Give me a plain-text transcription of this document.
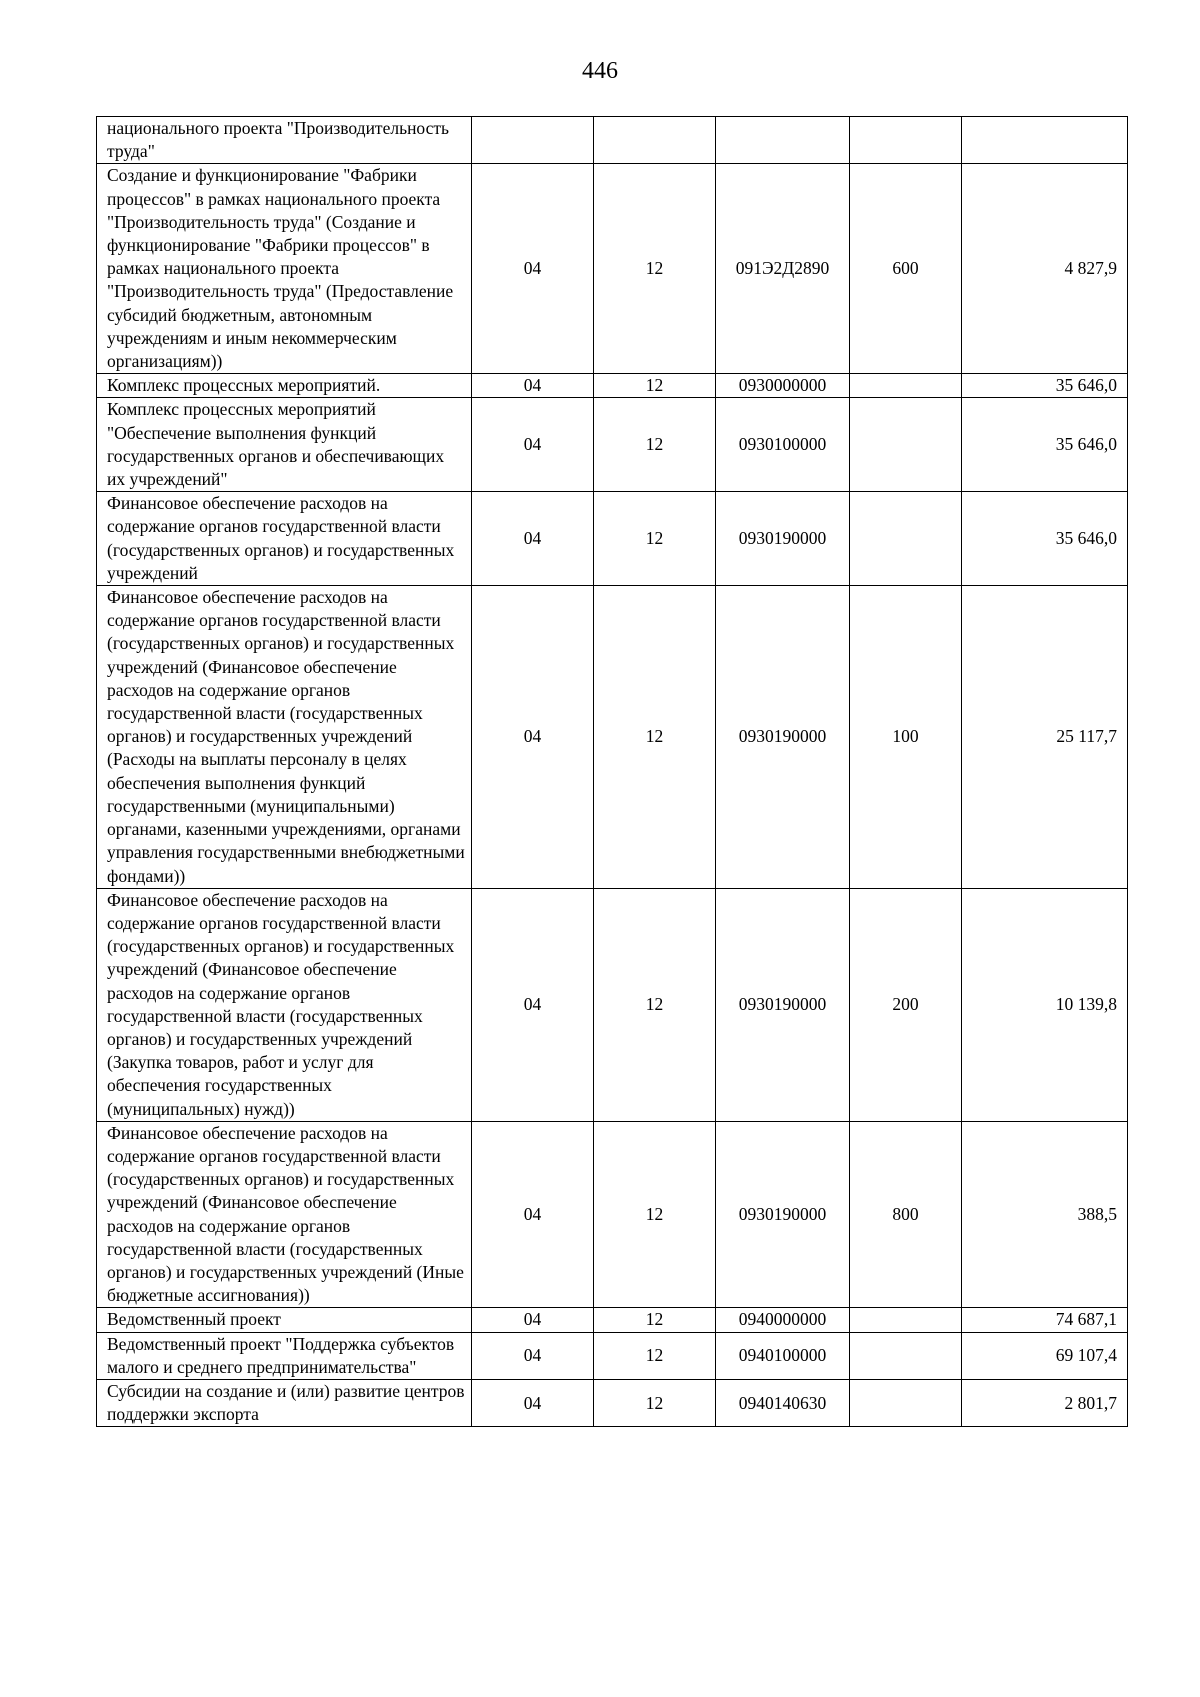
446
национального проекта "Производительность труда"					
Создание и функционирование "Фабрики процессов" в рамках национального проекта "Производительность труда" (Создание и функционирование "Фабрики процессов" в рамках национального проекта "Производительность труда" (Предоставление субсидий бюджетным, автономным учреждениям и иным некоммерческим организациям))	04	12	091Э2Д2890	600	4 827,9
Комплекс процессных мероприятий.	04	12	0930000000		35 646,0
Комплекс процессных мероприятий "Обеспечение выполнения функций государственных органов и обеспечивающих их учреждений"	04	12	0930100000		35 646,0
Финансовое обеспечение расходов на содержание органов государственной власти (государственных органов) и государственных учреждений	04	12	0930190000		35 646,0
Финансовое обеспечение расходов на содержание органов государственной власти (государственных органов) и государственных учреждений (Финансовое обеспечение расходов на содержание органов государственной власти (государственных органов) и государственных учреждений (Расходы на выплаты персоналу в целях обеспечения выполнения функций государственными (муниципальными) органами, казенными учреждениями, органами управления государственными внебюджетными фондами))	04	12	0930190000	100	25 117,7
Финансовое обеспечение расходов на содержание органов государственной власти (государственных органов) и государственных учреждений (Финансовое обеспечение расходов на содержание органов государственной власти (государственных органов) и государственных учреждений (Закупка товаров, работ и услуг для обеспечения государственных (муниципальных) нужд))	04	12	0930190000	200	10 139,8
Финансовое обеспечение расходов на содержание органов государственной власти (государственных органов) и государственных учреждений (Финансовое обеспечение расходов на содержание органов государственной власти (государственных органов) и государственных учреждений (Иные бюджетные ассигнования))	04	12	0930190000	800	388,5
Ведомственный проект	04	12	0940000000		74 687,1
Ведомственный проект "Поддержка субъектов малого и среднего предпринимательства"	04	12	0940100000		69 107,4
Субсидии на создание и (или) развитие центров поддержки экспорта	04	12	0940140630		2 801,7
